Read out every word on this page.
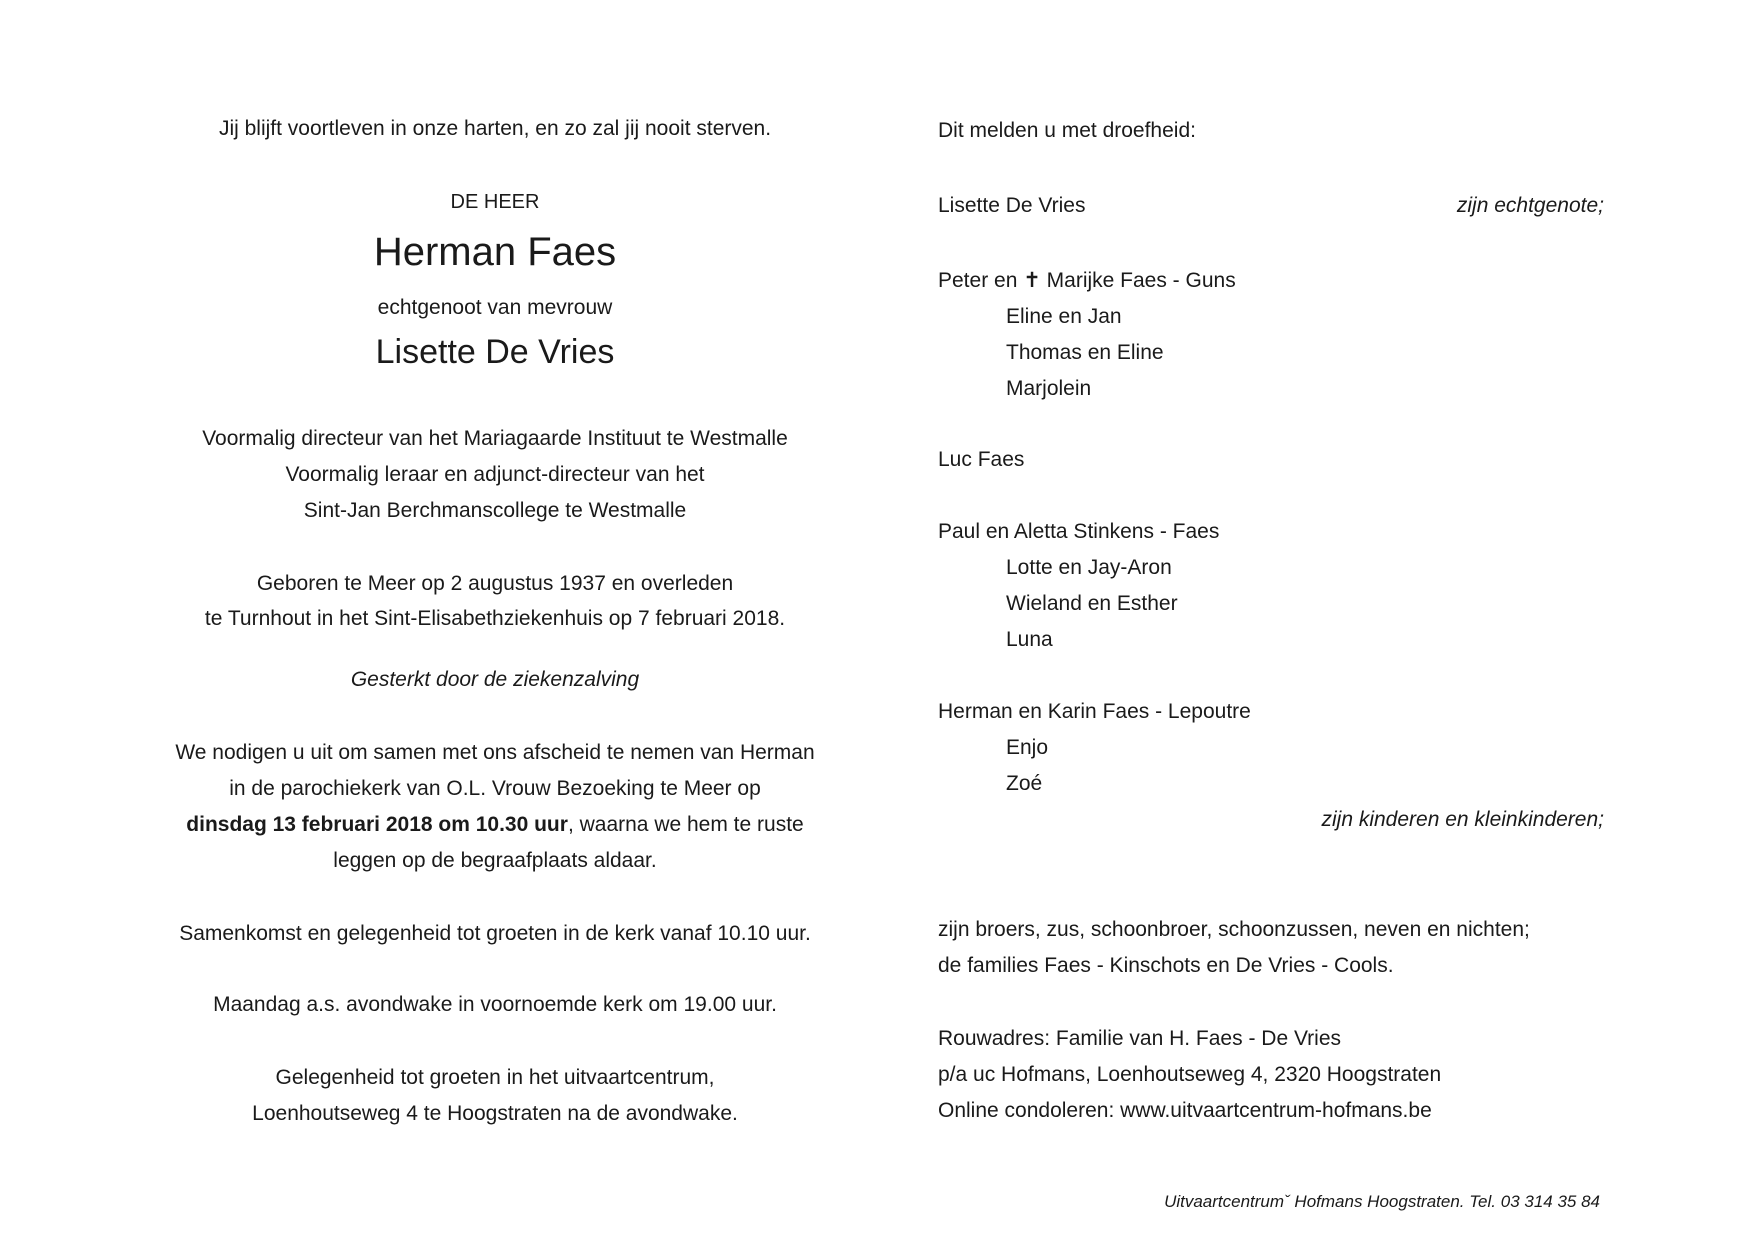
Jij blijft voortleven in onze harten, en zo zal jij nooit sterven.
DE HEER
Herman Faes
echtgenoot van mevrouw
Lisette De Vries
Voormalig directeur van het Mariagaarde Instituut te Westmalle
Voormalig leraar en adjunct-directeur van het
Sint-Jan Berchmanscollege te Westmalle
Geboren te Meer op 2 augustus 1937 en overleden
te Turnhout in het Sint-Elisabethziekenhuis op 7 februari 2018.
Gesterkt door de ziekenzalving
We nodigen u uit om samen met ons afscheid te nemen van Herman
in de parochiekerk van O.L. Vrouw Bezoeking te Meer op
dinsdag 13 februari 2018 om 10.30 uur, waarna we hem te ruste
leggen op de begraafplaats aldaar.
Samenkomst en gelegenheid tot groeten in de kerk vanaf 10.10 uur.
Maandag a.s. avondwake in voornoemde kerk om 19.00 uur.
Gelegenheid tot groeten in het uitvaartcentrum,
Loenhoutseweg 4 te Hoogstraten na de avondwake.
Dit melden u met droefheid:
Lisette De Vries	zijn echtgenote;
Peter en ✝ Marijke Faes - Guns
Eline en Jan
Thomas en Eline
Marjolein
Luc Faes
Paul en Aletta Stinkens - Faes
Lotte en Jay-Aron
Wieland en Esther
Luna
Herman en Karin Faes - Lepoutre
Enjo
Zoé
zijn kinderen en kleinkinderen;
zijn broers, zus, schoonbroer, schoonzussen, neven en nichten;
de families Faes - Kinschots en De Vries - Cools.
Rouwadres: Familie van H. Faes - De Vries
p/a uc Hofmans, Loenhoutseweg 4, 2320 Hoogstraten
Online condoleren: www.uitvaartcentrum-hofmans.be
Uitvaartcentrumˇ Hofmans Hoogstraten. Tel. 03 314 35 84
